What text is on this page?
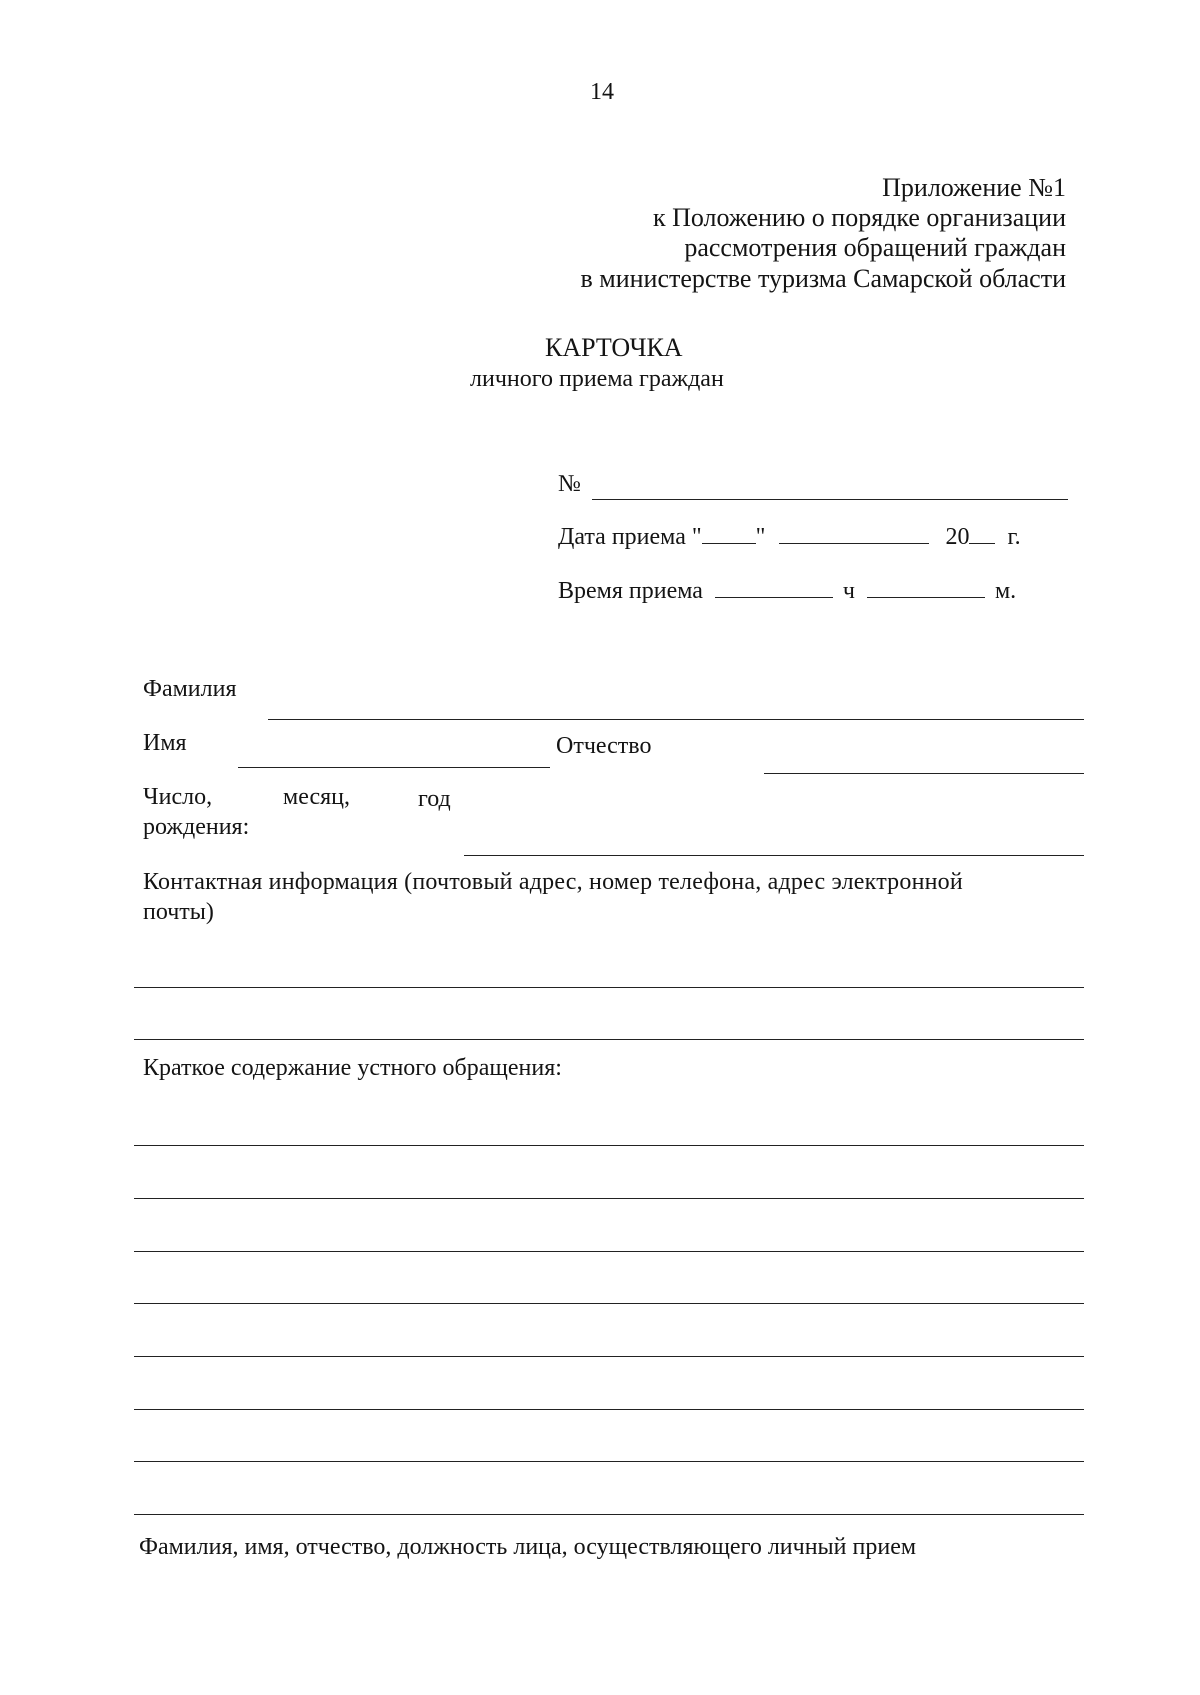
14
Приложение №1
к Положению о порядке организации
рассмотрения обращений граждан
в министерстве туризма Самарской области
КАРТОЧКА
личного приема граждан
№
Дата приема " "	20 г.
Время приема	ч	м.
Фамилия
Имя	Отчество
Число,	месяц,	год
рождения:
Контактная информация (почтовый адрес, номер телефона, адрес электронной
почты)
Краткое содержание устного обращения:
Фамилия, имя, отчество, должность лица, осуществляющего личный прием
